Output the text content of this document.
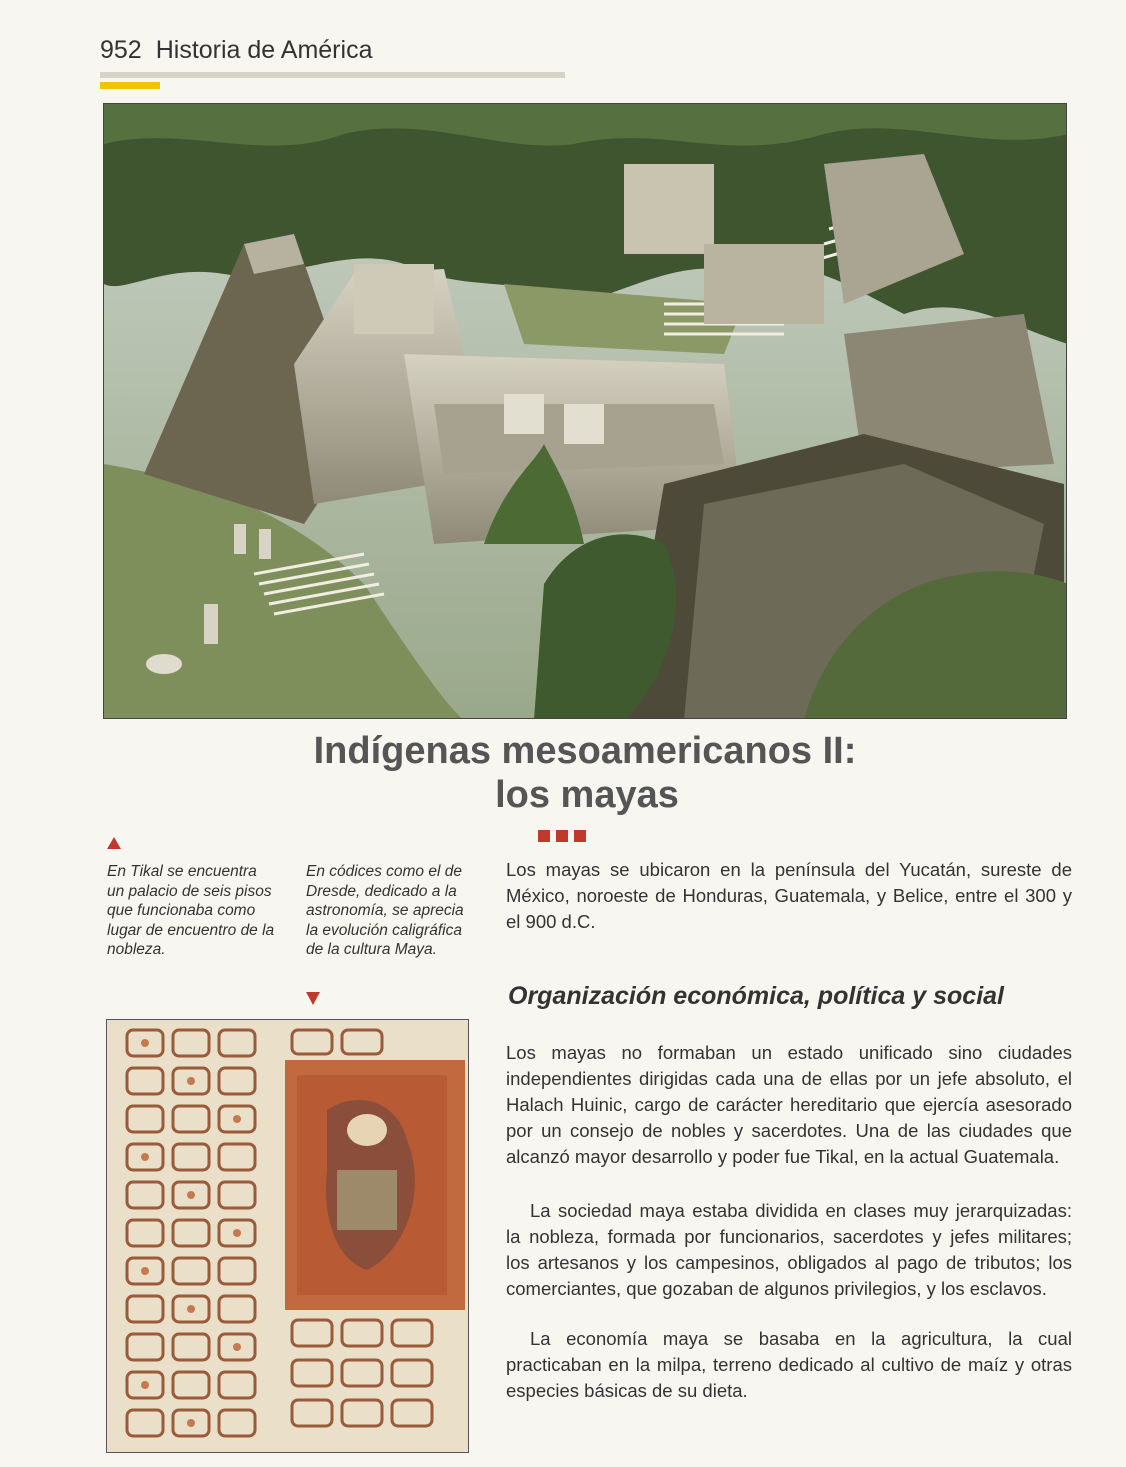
952 Historia de América
Indígenas mesoamericanos II:
los mayas
En Tikal se encuentra un palacio de seis pisos que funcionaba como lugar de encuentro de la nobleza.
En códices como el de Dresde, dedicado a la astronomía, se aprecia la evolución caligráfica de la cultura Maya.
Los mayas se ubicaron en la península del Yucatán, sureste de México, noroeste de Honduras, Guatemala, y Belice, entre el 300 y el 900 d.C.
Organización económica, política y social
Los mayas no formaban un estado unificado sino ciudades independientes dirigidas cada una de ellas por un jefe absoluto, el Halach Huinic, cargo de carácter hereditario que ejercía asesorado por un consejo de nobles y sacerdotes. Una de las ciudades que alcanzó mayor desarrollo y poder fue Tikal, en la actual Guatemala.
La sociedad maya estaba dividida en clases muy jerarquizadas: la nobleza, formada por funcionarios, sacerdotes y jefes militares; los artesanos y los campesinos, obligados al pago de tributos; los comerciantes, que gozaban de algunos privilegios, y los esclavos.
La economía maya se basaba en la agricultura, la cual practicaban en la milpa, terreno dedicado al cultivo de maíz y otras especies básicas de su dieta.
